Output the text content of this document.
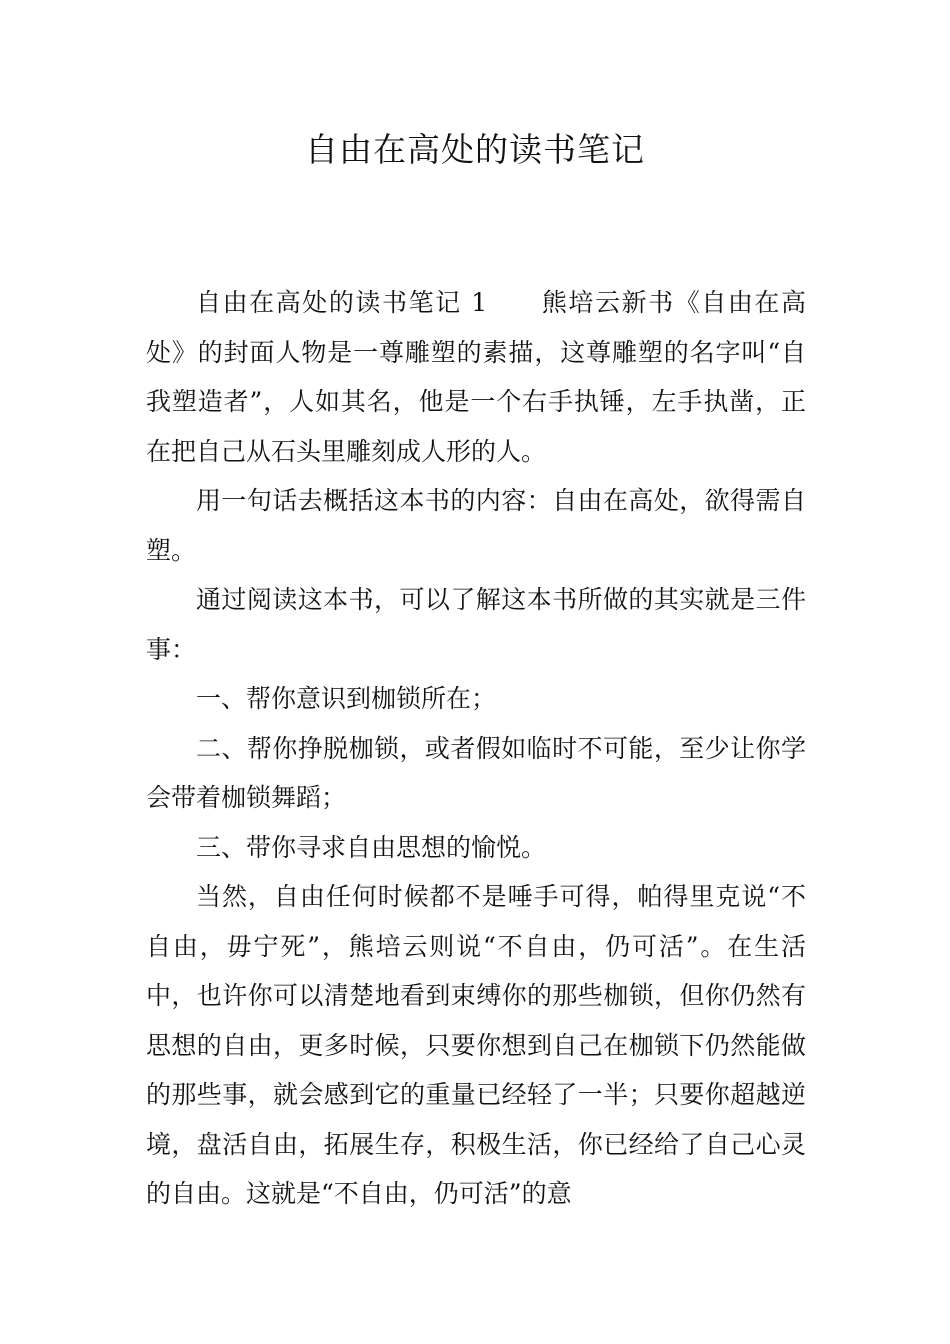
自由在高处的读书笔记

自由在高处的读书笔记 1　　熊培云新书《自由在高处》的封面人物是一尊雕塑的素描，这尊雕塑的名字叫“自我塑造者”，人如其名，他是一个右手执锤，左手执凿，正在把自己从石头里雕刻成人形的人。

用一句话去概括这本书的内容：自由在高处，欲得需自塑。

通过阅读这本书，可以了解这本书所做的其实就是三件事：

一、帮你意识到枷锁所在；

二、帮你挣脱枷锁，或者假如临时不可能，至少让你学会带着枷锁舞蹈；

三、带你寻求自由思想的愉悦。

当然，自由任何时候都不是唾手可得，帕得里克说“不自由，毋宁死”，熊培云则说“不自由，仍可活”。在生活中，也许你可以清楚地看到束缚你的那些枷锁，但你仍然有思想的自由，更多时候，只要你想到自己在枷锁下仍然能做的那些事，就会感到它的重量已经轻了一半；只要你超越逆境，盘活自由，拓展生存，积极生活，你已经给了自己心灵的自由。这就是“不自由，仍可活”的意
